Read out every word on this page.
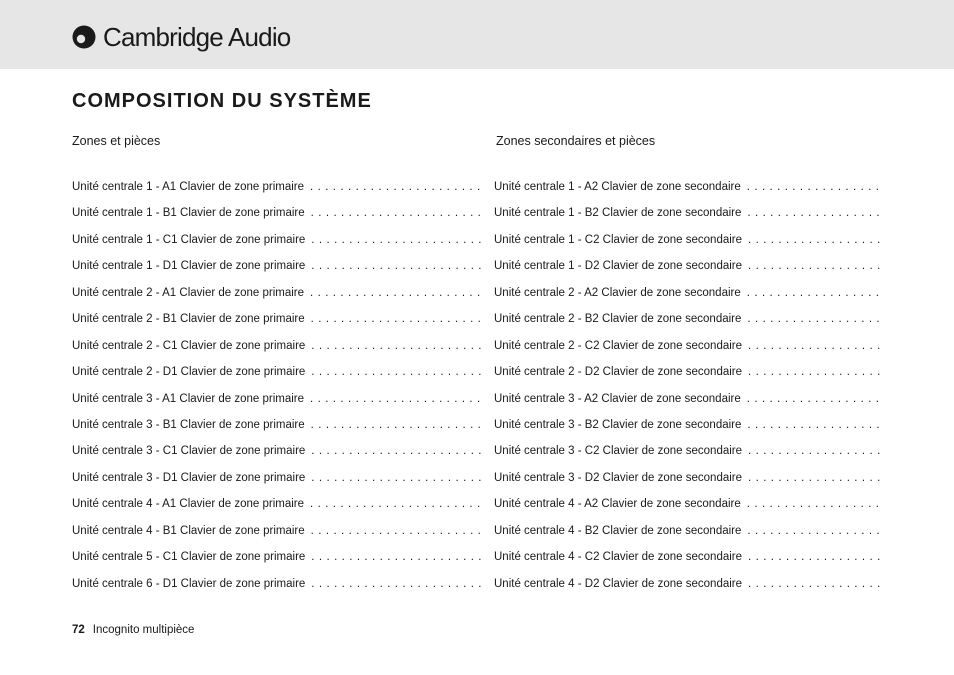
Cambridge Audio
COMPOSITION DU SYSTÈME
Zones et pièces	Zones secondaires et pièces
Unité centrale 1 - A1 Clavier de zone primaire
. . .
Unité centrale 1 - B1 Clavier de zone primaire
. . .
Unité centrale 1 - C1 Clavier de zone primaire
. . .
Unité centrale 1 - D1 Clavier de zone primaire
. . .
Unité centrale 2 - A1 Clavier de zone primaire
. . .
Unité centrale 2 - B1 Clavier de zone primaire
. . .
Unité centrale 2 - C1 Clavier de zone primaire
. . .
Unité centrale 2 - D1 Clavier de zone primaire
. . .
Unité centrale 3 - A1 Clavier de zone primaire
. . .
Unité centrale 3 - B1 Clavier de zone primaire
. . .
Unité centrale 3 - C1 Clavier de zone primaire
. . .
Unité centrale 3 - D1 Clavier de zone primaire
. . .
Unité centrale 4 - A1 Clavier de zone primaire
. . .
Unité centrale 4 - B1 Clavier de zone primaire
. . .
Unité centrale 5 - C1 Clavier de zone primaire
. . .
Unité centrale 6 - D1 Clavier de zone primaire
. . .
Unité centrale 1 - A2 Clavier de zone secondaire
. . .
Unité centrale 1 - B2 Clavier de zone secondaire
. . .
Unité centrale 1 - C2 Clavier de zone secondaire
. . .
Unité centrale 1 - D2 Clavier de zone secondaire
. . .
Unité centrale 2 - A2 Clavier de zone secondaire
. . .
Unité centrale 2 - B2 Clavier de zone secondaire
. . .
Unité centrale 2 - C2 Clavier de zone secondaire
. . .
Unité centrale 2 - D2 Clavier de zone secondaire
. . .
Unité centrale 3 - A2 Clavier de zone secondaire
. . .
Unité centrale 3 - B2 Clavier de zone secondaire
. . .
Unité centrale 3 - C2 Clavier de zone secondaire
. . .
Unité centrale 3 - D2 Clavier de zone secondaire
. . .
Unité centrale 4 - A2 Clavier de zone secondaire
. . .
Unité centrale 4 - B2 Clavier de zone secondaire
. . .
Unité centrale 4 - C2 Clavier de zone secondaire
. . .
Unité centrale 4 - D2 Clavier de zone secondaire
. . .
72 Incognito multipièce
